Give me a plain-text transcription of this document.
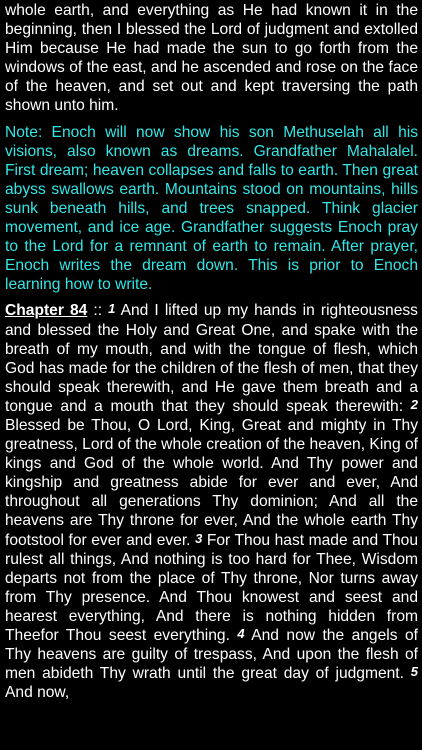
whole earth, and everything as He had known it in the beginning, then I blessed the Lord of judgment and extolled Him because He had made the sun to go forth from the windows of the east, and he ascended and rose on the face of the heaven, and set out and kept traversing the path shown unto him.

Note: Enoch will now show his son Methuselah all his visions, also known as dreams. Grandfather Mahalalel. First dream; heaven collapses and falls to earth. Then great abyss swallows earth. Mountains stood on mountains, hills sunk beneath hills, and trees snapped. Think glacier movement, and ice age. Grandfather suggests Enoch pray to the Lord for a remnant of earth to remain. After prayer, Enoch writes the dream down. This is prior to Enoch learning how to write.

Chapter 84 :: 1 And I lifted up my hands in righteousness and blessed the Holy and Great One, and spake with the breath of my mouth, and with the tongue of flesh, which God has made for the children of the flesh of men, that they should speak therewith, and He gave them breath and a tongue and a mouth that they should speak therewith: 2 Blessed be Thou, O Lord, King, Great and mighty in Thy greatness, Lord of the whole creation of the heaven, King of kings and God of the whole world. And Thy power and kingship and greatness abide for ever and ever, And throughout all generations Thy dominion; And all the heavens are Thy throne for ever, And the whole earth Thy footstool for ever and ever. 3 For Thou hast made and Thou rulest all things, And nothing is too hard for Thee, Wisdom departs not from the place of Thy throne, Nor turns away from Thy presence. And Thou knowest and seest and hearest everything, And there is nothing hidden from Theefor Thou seest everything. 4 And now the angels of Thy heavens are guilty of trespass, And upon the flesh of men abideth Thy wrath until the great day of judgment. 5 And now,
